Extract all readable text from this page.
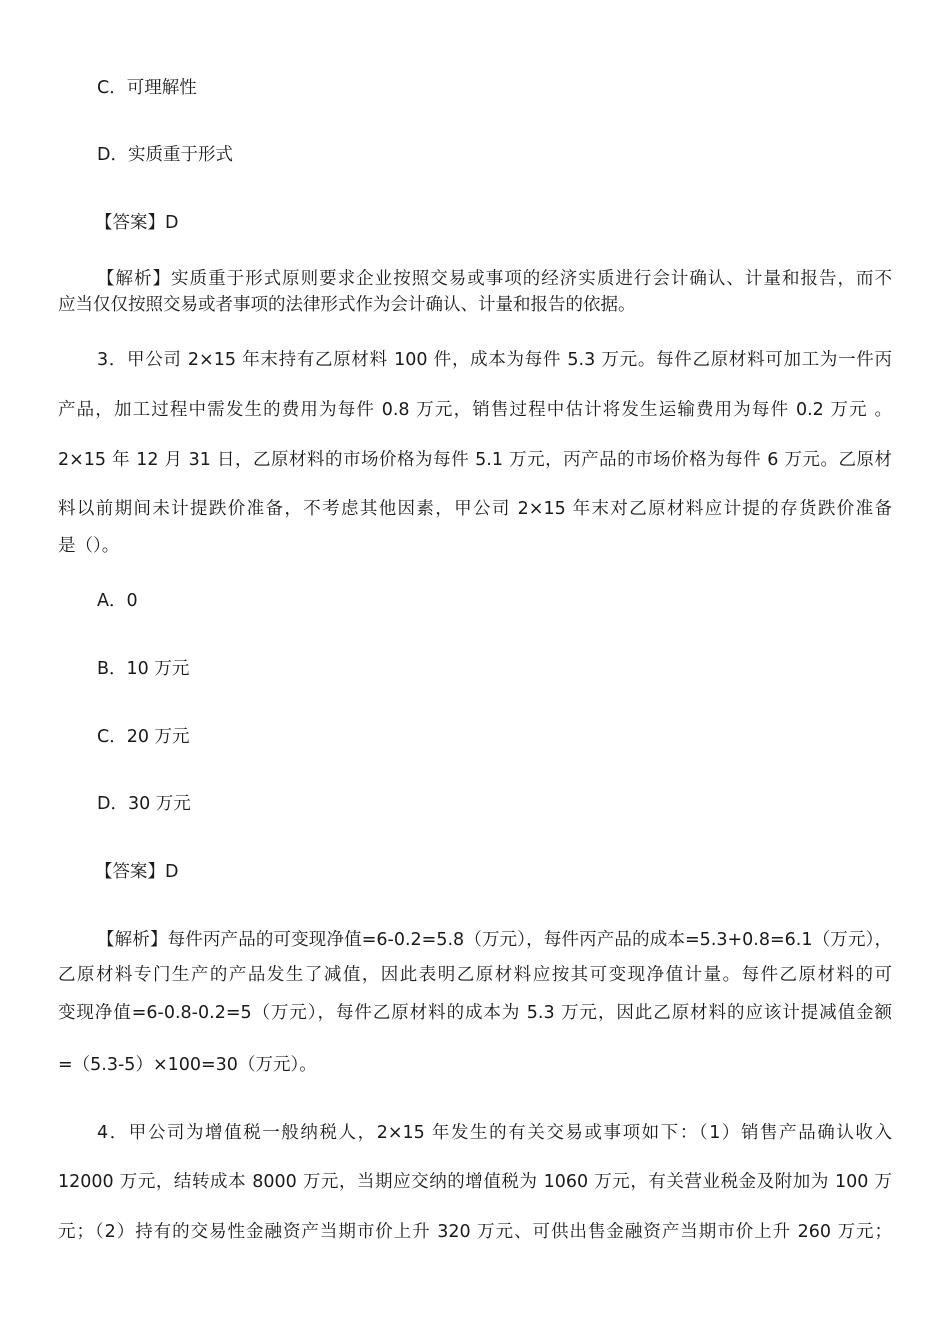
C．可理解性
D．实质重于形式
【答案】D
【解析】实质重于形式原则要求企业按照交易或事项的经济实质进行会计确认、计量和报告，而不
应当仅仅按照交易或者事项的法律形式作为会计确认、计量和报告的依据。
3．甲公司 2×15 年末持有乙原材料 100 件，成本为每件 5.3 万元。每件乙原材料可加工为一件丙
产品，加工过程中需发生的费用为每件 0.8 万元，销售过程中估计将发生运输费用为每件 0.2 万元 。
2×15 年 12 月 31 日，乙原材料的市场价格为每件 5.1 万元，丙产品的市场价格为每件 6 万元。乙原材
料以前期间未计提跌价准备，不考虑其他因素，甲公司 2×15 年末对乙原材料应计提的存货跌价准备
是（）。
A．0
B．10 万元
C．20 万元
D．30 万元
【答案】D
【解析】每件丙产品的可变现净值=6-0.2=5.8（万元），每件丙产品的成本=5.3+0.8=6.1（万元），
乙原材料专门生产的产品发生了减值，因此表明乙原材料应按其可变现净值计量。每件乙原材料的可
变现净值=6-0.8-0.2=5（万元），每件乙原材料的成本为 5.3 万元，因此乙原材料的应该计提减值金额
=（5.3-5）×100=30（万元）。
4．甲公司为增值税一般纳税人，2×15 年发生的有关交易或事项如下：（1）销售产品确认收入
12000 万元，结转成本 8000 万元，当期应交纳的增值税为 1060 万元，有关营业税金及附加为 100 万
元；（2）持有的交易性金融资产当期市价上升 320 万元、可供出售金融资产当期市价上升 260 万元；
